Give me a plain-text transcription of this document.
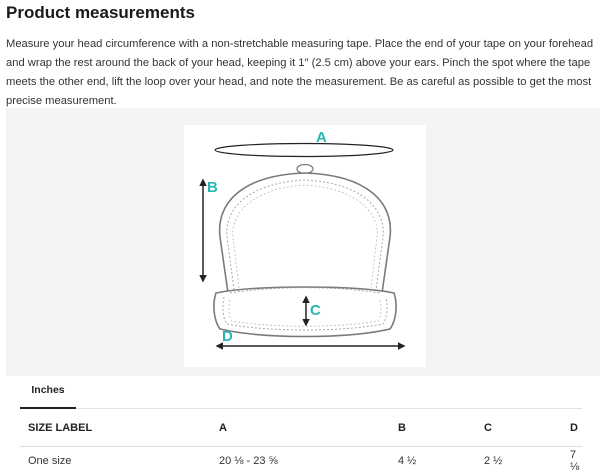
Product measurements

Measure your head circumference with a non-stretchable measuring tape. Place the end of your tape on your forehead and wrap the rest around the back of your head, keeping it 1″ (2.5 cm) above your ears. Pinch the spot where the tape meets the other end, lift the loop over your head, and note the measurement. Be as careful as possible to get the most precise measurement.

A
B
C
D
Inches
SIZE LABEL	A	B	C	D
One size	20 ⅛ - 23 ⅝	4 ½	2 ½	7 ⅛
